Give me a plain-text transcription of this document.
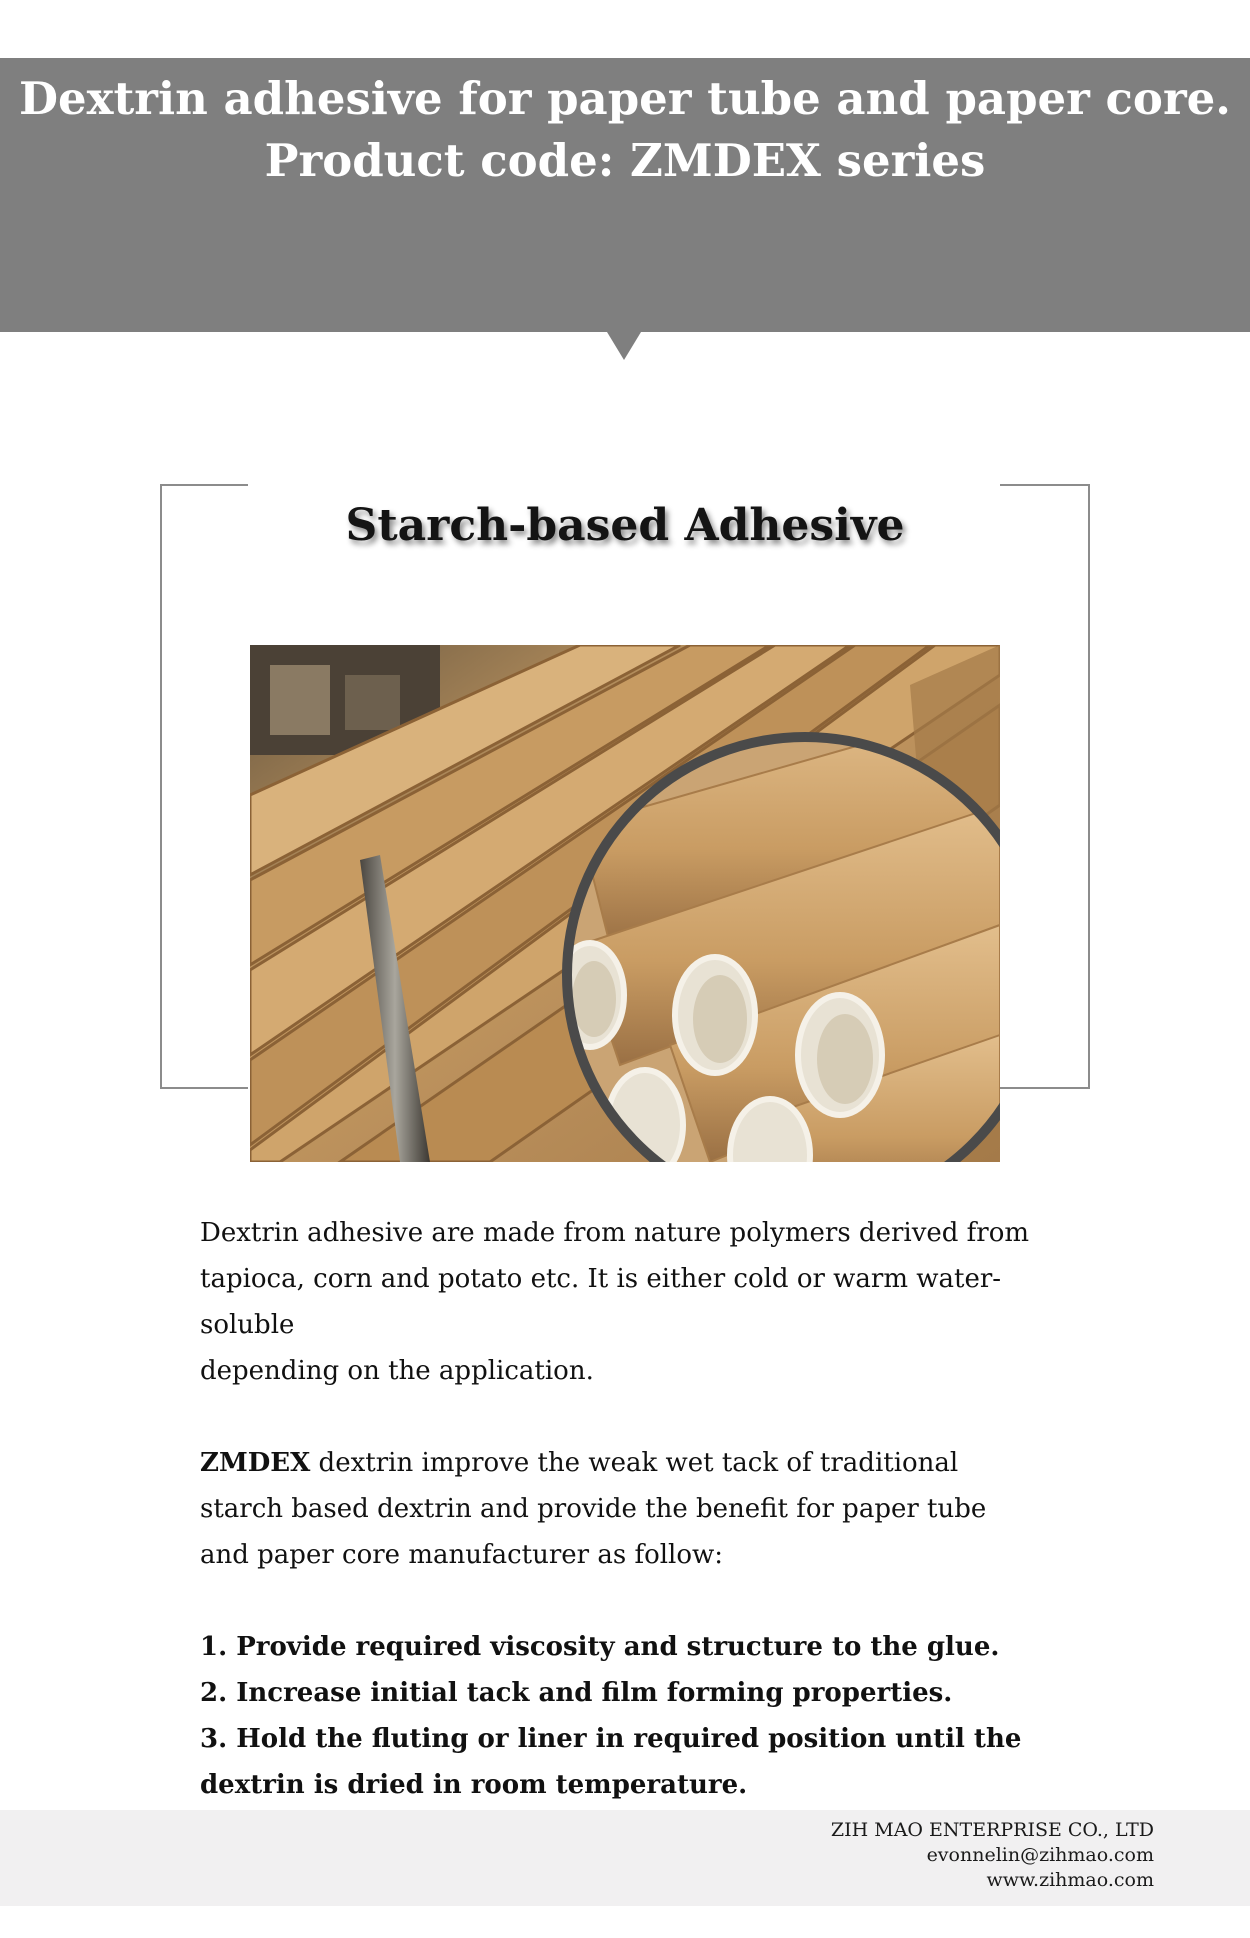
Dextrin adhesive for paper tube and paper core.
Product code: ZMDEX series
Starch-based Adhesive

Dextrin adhesive are made from nature polymers derived from
tapioca, corn and potato etc. It is either cold or warm water-soluble
depending on the application.

ZMDEX dextrin improve the weak wet tack of traditional
starch based dextrin and provide the benefit for paper tube
and paper core manufacturer as follow:

1. Provide required viscosity and structure to the glue.
2. Increase initial tack and film forming properties.
3. Hold the fluting or liner in required position until the
dextrin is dried in room temperature.

ZIH MAO ENTERPRISE CO., LTD
evonnelin@zihmao.com
www.zihmao.com
